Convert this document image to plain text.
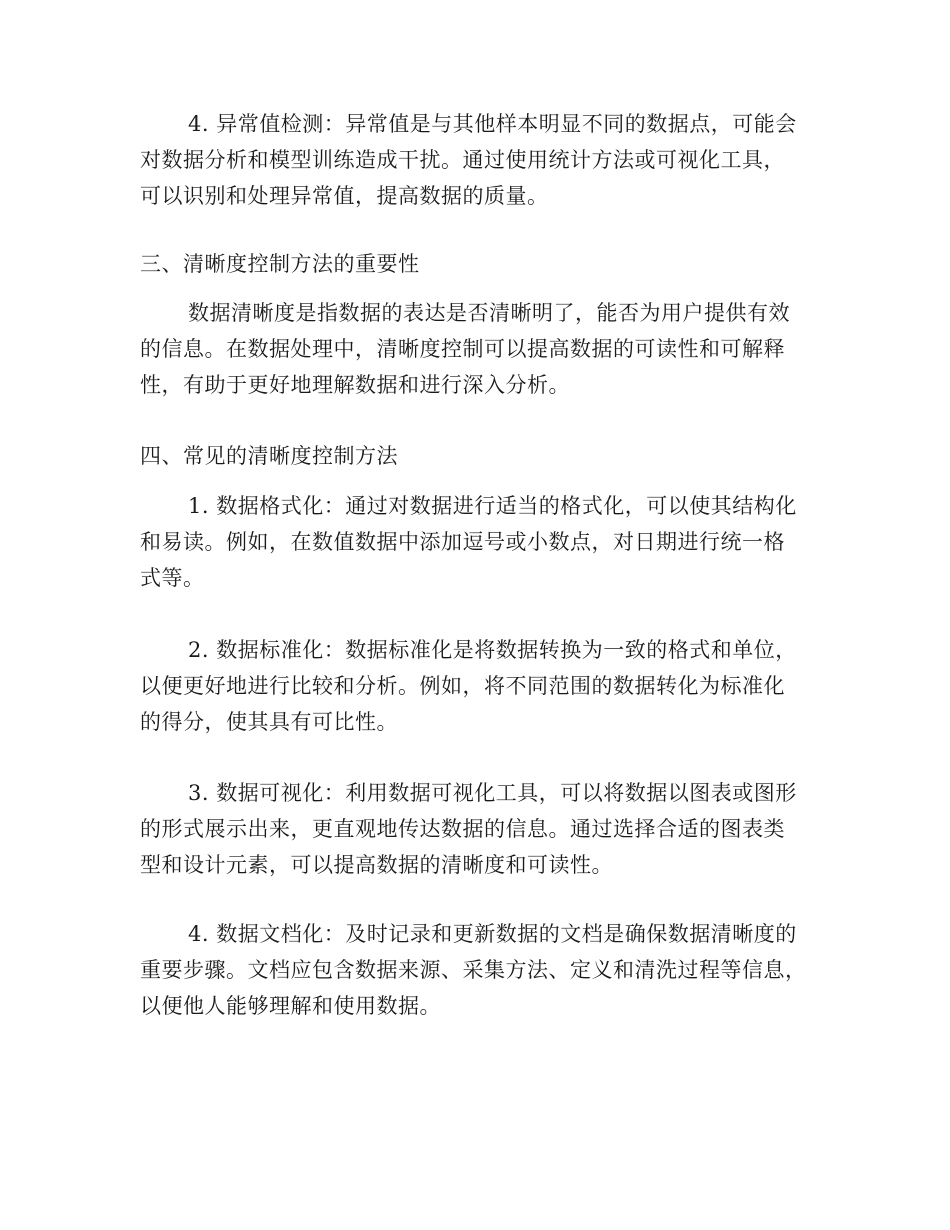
4. 异常值检测：异常值是与其他样本明显不同的数据点，可能会
对数据分析和模型训练造成干扰。通过使用统计方法或可视化工具，
可以识别和处理异常值，提高数据的质量。
三、清晰度控制方法的重要性
数据清晰度是指数据的表达是否清晰明了，能否为用户提供有效
的信息。在数据处理中，清晰度控制可以提高数据的可读性和可解释
性，有助于更好地理解数据和进行深入分析。
四、常见的清晰度控制方法
1. 数据格式化：通过对数据进行适当的格式化，可以使其结构化
和易读。例如，在数值数据中添加逗号或小数点，对日期进行统一格
式等。
2. 数据标准化：数据标准化是将数据转换为一致的格式和单位，
以便更好地进行比较和分析。例如，将不同范围的数据转化为标准化
的得分，使其具有可比性。
3. 数据可视化：利用数据可视化工具，可以将数据以图表或图形
的形式展示出来，更直观地传达数据的信息。通过选择合适的图表类
型和设计元素，可以提高数据的清晰度和可读性。
4. 数据文档化：及时记录和更新数据的文档是确保数据清晰度的
重要步骤。文档应包含数据来源、采集方法、定义和清洗过程等信息，
以便他人能够理解和使用数据。
